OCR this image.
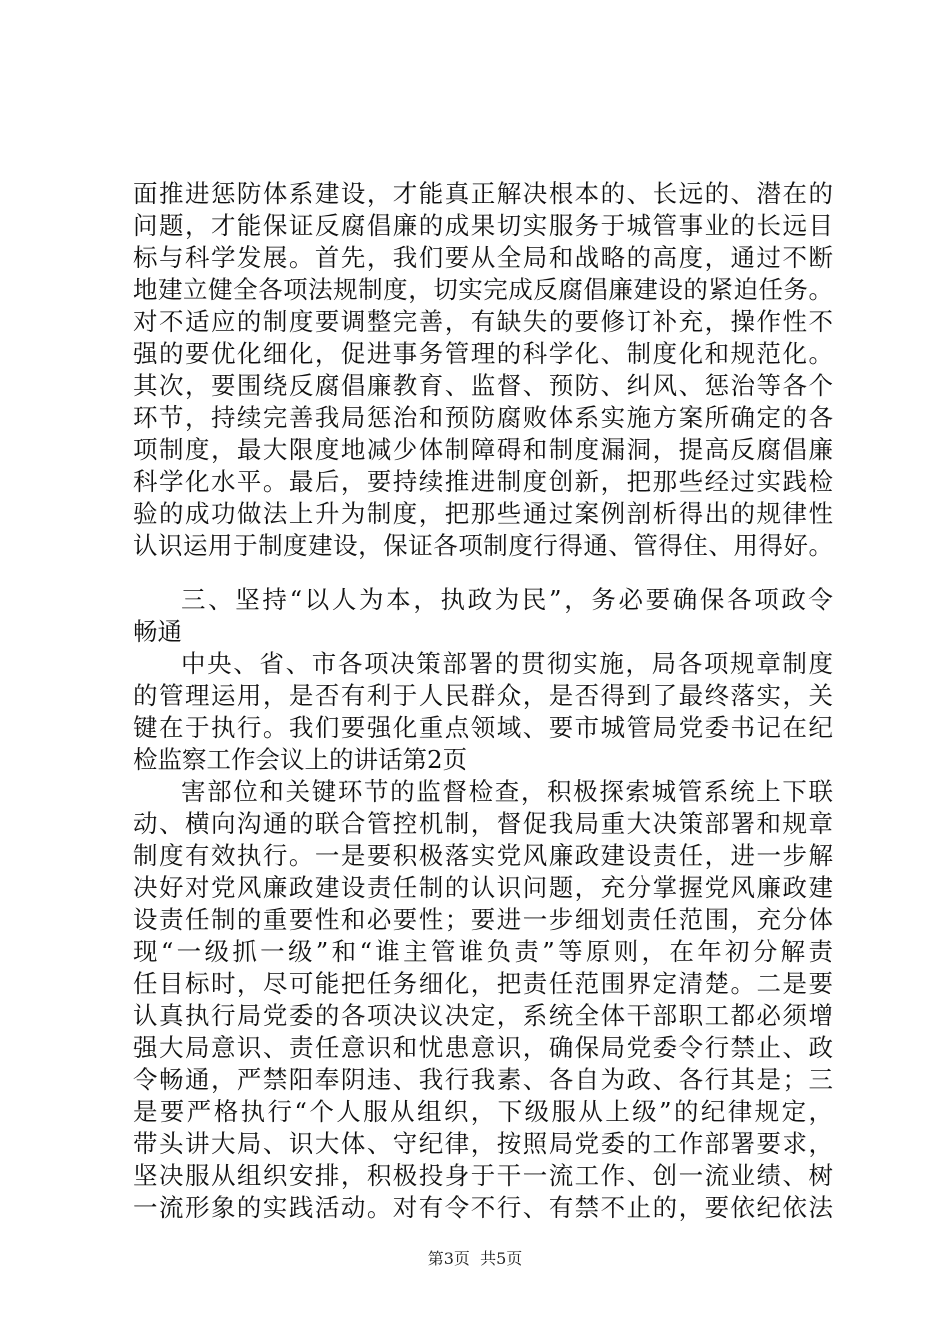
面推进惩防体系建设，才能真正解决根本的、长远的、潜在的
问题，才能保证反腐倡廉的成果切实服务于城管事业的长远目
标与科学发展。首先，我们要从全局和战略的高度，通过不断
地建立健全各项法规制度，切实完成反腐倡廉建设的紧迫任务。
对不适应的制度要调整完善，有缺失的要修订补充，操作性不
强的要优化细化，促进事务管理的科学化、制度化和规范化。
其次，要围绕反腐倡廉教育、监督、预防、纠风、惩治等各个
环节，持续完善我局惩治和预防腐败体系实施方案所确定的各
项制度，最大限度地减少体制障碍和制度漏洞，提高反腐倡廉
科学化水平。最后，要持续推进制度创新，把那些经过实践检
验的成功做法上升为制度，把那些通过案例剖析得出的规律性
认识运用于制度建设，保证各项制度行得通、管得住、用得好。
三、坚持“以人为本，执政为民”，务必要确保各项政令
畅通
中央、省、市各项决策部署的贯彻实施，局各项规章制度
的管理运用，是否有利于人民群众，是否得到了最终落实，关
键在于执行。我们要强化重点领域、要市城管局党委书记在纪
检监察工作会议上的讲话第2页
害部位和关键环节的监督检查，积极探索城管系统上下联
动、横向沟通的联合管控机制，督促我局重大决策部署和规章
制度有效执行。一是要积极落实党风廉政建设责任，进一步解
决好对党风廉政建设责任制的认识问题，充分掌握党风廉政建
设责任制的重要性和必要性；要进一步细划责任范围，充分体
现“一级抓一级”和“谁主管谁负责”等原则，在年初分解责
任目标时，尽可能把任务细化，把责任范围界定清楚。二是要
认真执行局党委的各项决议决定，系统全体干部职工都必须增
强大局意识、责任意识和忧患意识，确保局党委令行禁止、政
令畅通，严禁阳奉阴违、我行我素、各自为政、各行其是；三
是要严格执行“个人服从组织，下级服从上级”的纪律规定，
带头讲大局、识大体、守纪律，按照局党委的工作部署要求，
坚决服从组织安排，积极投身于干一流工作、创一流业绩、树
一流形象的实践活动。对有令不行、有禁不止的，要依纪依法
第3页  共5页
